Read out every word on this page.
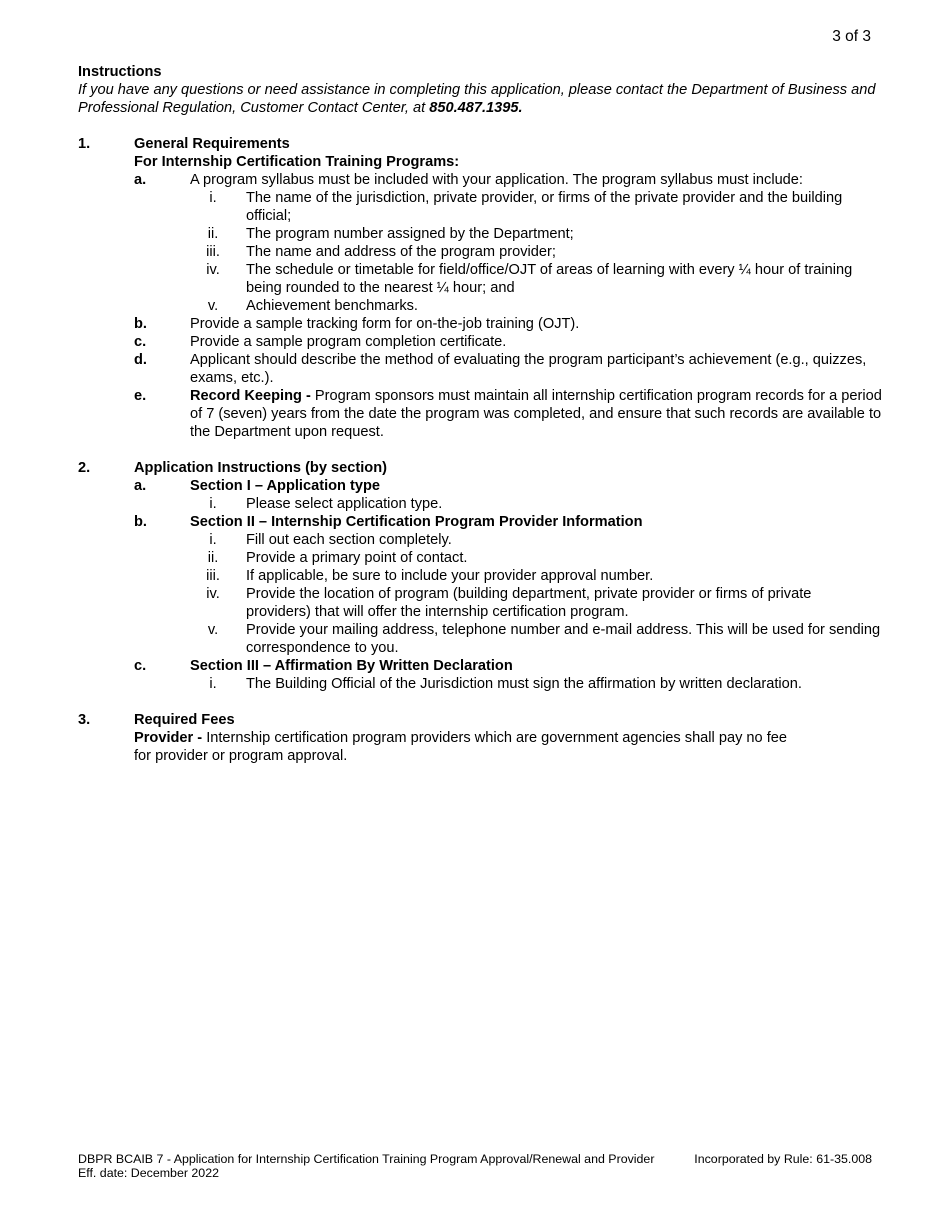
3 of 3
Instructions
If you have any questions or need assistance in completing this application, please contact the Department of Business and Professional Regulation, Customer Contact Center, at 850.487.1395.
1.	General Requirements
For Internship Certification Training Programs:
a.	A program syllabus must be included with your application. The program syllabus must include:
i.	The name of the jurisdiction, private provider, or firms of the private provider and the building official;
ii.	The program number assigned by the Department;
iii.	The name and address of the program provider;
iv.	The schedule or timetable for field/office/OJT of areas of learning with every ¼ hour of training being rounded to the nearest ¼ hour; and
v.	Achievement benchmarks.
b.	Provide a sample tracking form for on-the-job training (OJT).
c.	Provide a sample program completion certificate.
d.	Applicant should describe the method of evaluating the program participant’s achievement (e.g., quizzes, exams, etc.).
e.	Record Keeping - Program sponsors must maintain all internship certification program records for a period of 7 (seven) years from the date the program was completed, and ensure that such records are available to the Department upon request.
2.	Application Instructions (by section)
a.	Section I – Application type
i.	Please select application type.
b.	Section II – Internship Certification Program Provider Information
i.	Fill out each section completely.
ii.	Provide a primary point of contact.
iii.	If applicable, be sure to include your provider approval number.
iv.	Provide the location of program (building department, private provider or firms of private providers) that will offer the internship certification program.
v.	Provide your mailing address, telephone number and e-mail address. This will be used for sending correspondence to you.
c.	Section III – Affirmation By Written Declaration
i.	The Building Official of the Jurisdiction must sign the affirmation by written declaration.
3.	Required Fees
Provider - Internship certification program providers which are government agencies shall pay no fee for provider or program approval.
DBPR BCAIB 7 - Application for Internship Certification Training Program Approval/Renewal and Provider
Eff. date: December 2022
Incorporated by Rule: 61-35.008
